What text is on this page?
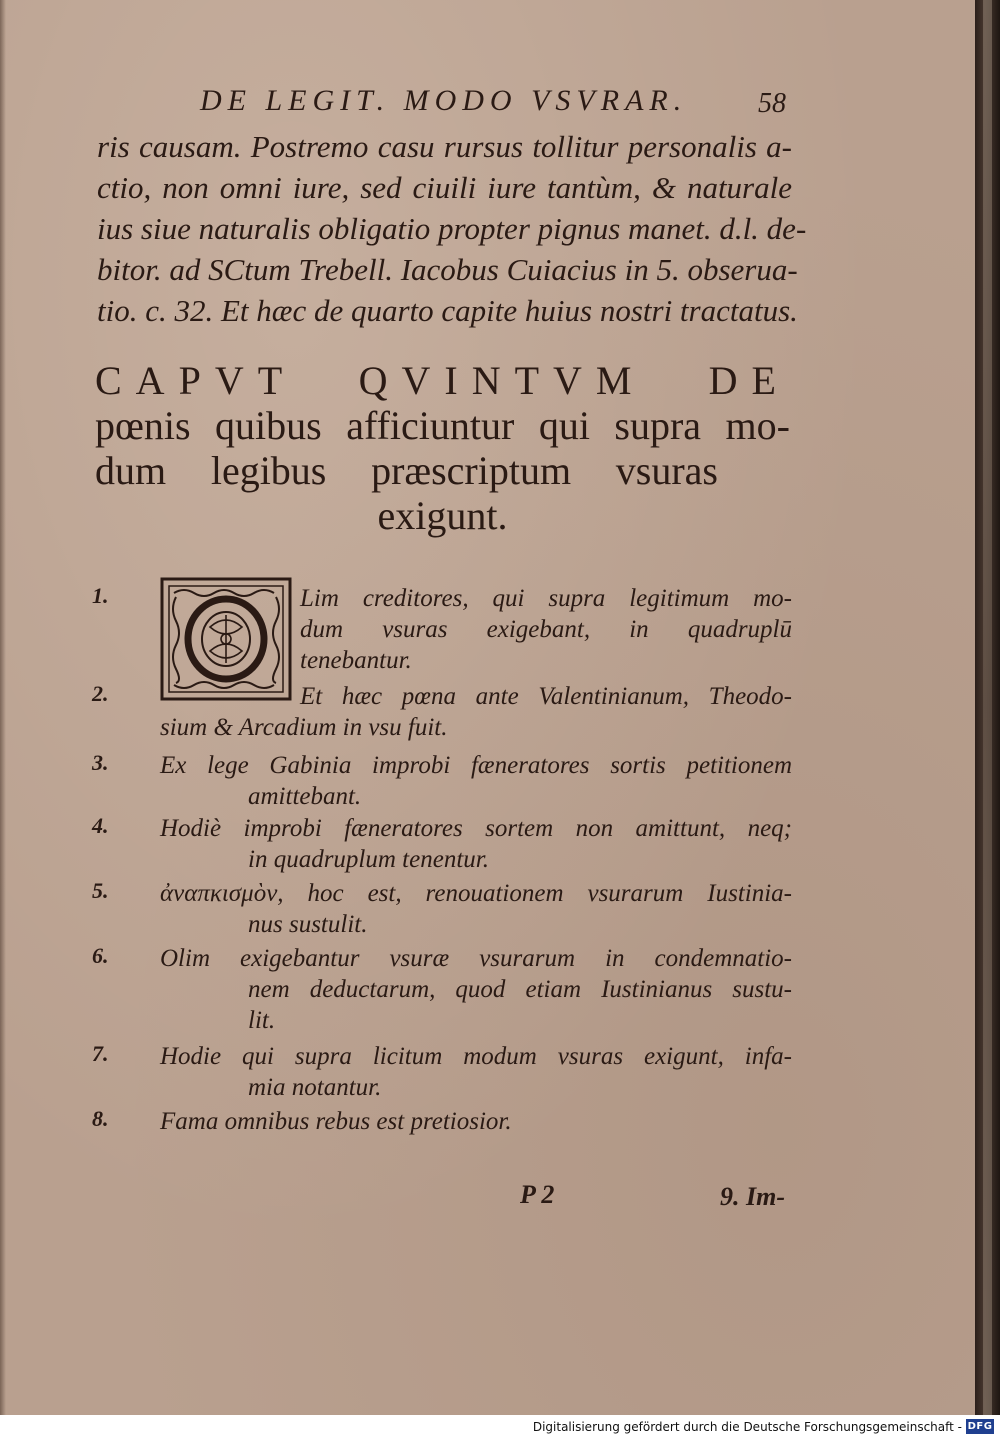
DE LEGIT. MODO VSVRAR.	58
ris causam. Postremo casu rursus tollitur personalis a-
ctio, non omni iure, sed ciuili iure tantùm, & naturale
ius siue naturalis obligatio propter pignus manet. d.l. de-
bitor. ad SCtum Trebell. Iacobus Cuiacius in 5. obserua-
tio. c. 32. Et hæc de quarto capite huius nostri tractatus.
CAPVT QVINTVM DE
pœnis quibus afficiuntur qui supra mo-
dum legibus præscriptum vsuras
exigunt.
1.	Lim creditores, qui supra legitimum mo-
dum vsuras exigebant, in quadruplū
tenebantur.
2.	Et hæc pœna ante Valentinianum, Theodo-
sium & Arcadium in vsu fuit.
3.	Ex lege Gabinia improbi fæneratores sortis petitionem
amittebant.
4.	Hodiè improbi fæneratores sortem non amittunt, neq;
in quadruplum tenentur.
5.	ἀναπκισμὸν, hoc est, renouationem vsurarum Iustinia-
nus sustulit.
6.	Olim exigebantur vsuræ vsurarum in condemnatio-
nem deductarum, quod etiam Iustinianus sustu-
lit.
7.	Hodie qui supra licitum modum vsuras exigunt, infa-
mia notantur.
8.	Fama omnibus rebus est pretiosior.
P 2	9. Im-
Digitalisierung gefördert durch die Deutsche Forschungsgemeinschaft - DFG
